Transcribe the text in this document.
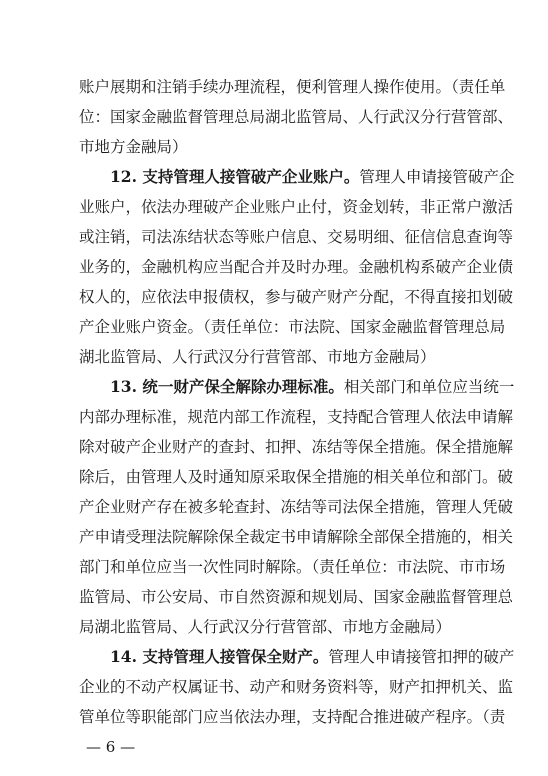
账户展期和注销手续办理流程，便利管理人操作使用。（责任单
位：国家金融监督管理总局湖北监管局、人行武汉分行营管部、
市地方金融局）
12. 支持管理人接管破产企业账户。管理人申请接管破产企
业账户，依法办理破产企业账户止付，资金划转，非正常户激活
或注销，司法冻结状态等账户信息、交易明细、征信信息查询等
业务的，金融机构应当配合并及时办理。金融机构系破产企业债
权人的，应依法申报债权，参与破产财产分配，不得直接扣划破
产企业账户资金。（责任单位：市法院、国家金融监督管理总局
湖北监管局、人行武汉分行营管部、市地方金融局）
13. 统一财产保全解除办理标准。相关部门和单位应当统一
内部办理标准，规范内部工作流程，支持配合管理人依法申请解
除对破产企业财产的查封、扣押、冻结等保全措施。保全措施解
除后，由管理人及时通知原采取保全措施的相关单位和部门。破
产企业财产存在被多轮查封、冻结等司法保全措施，管理人凭破
产申请受理法院解除保全裁定书申请解除全部保全措施的，相关
部门和单位应当一次性同时解除。（责任单位：市法院、市市场
监管局、市公安局、市自然资源和规划局、国家金融监督管理总
局湖北监管局、人行武汉分行营管部、市地方金融局）
14. 支持管理人接管保全财产。管理人申请接管扣押的破产
企业的不动产权属证书、动产和财务资料等，财产扣押机关、监
管单位等职能部门应当依法办理，支持配合推进破产程序。（责
— 6 —
